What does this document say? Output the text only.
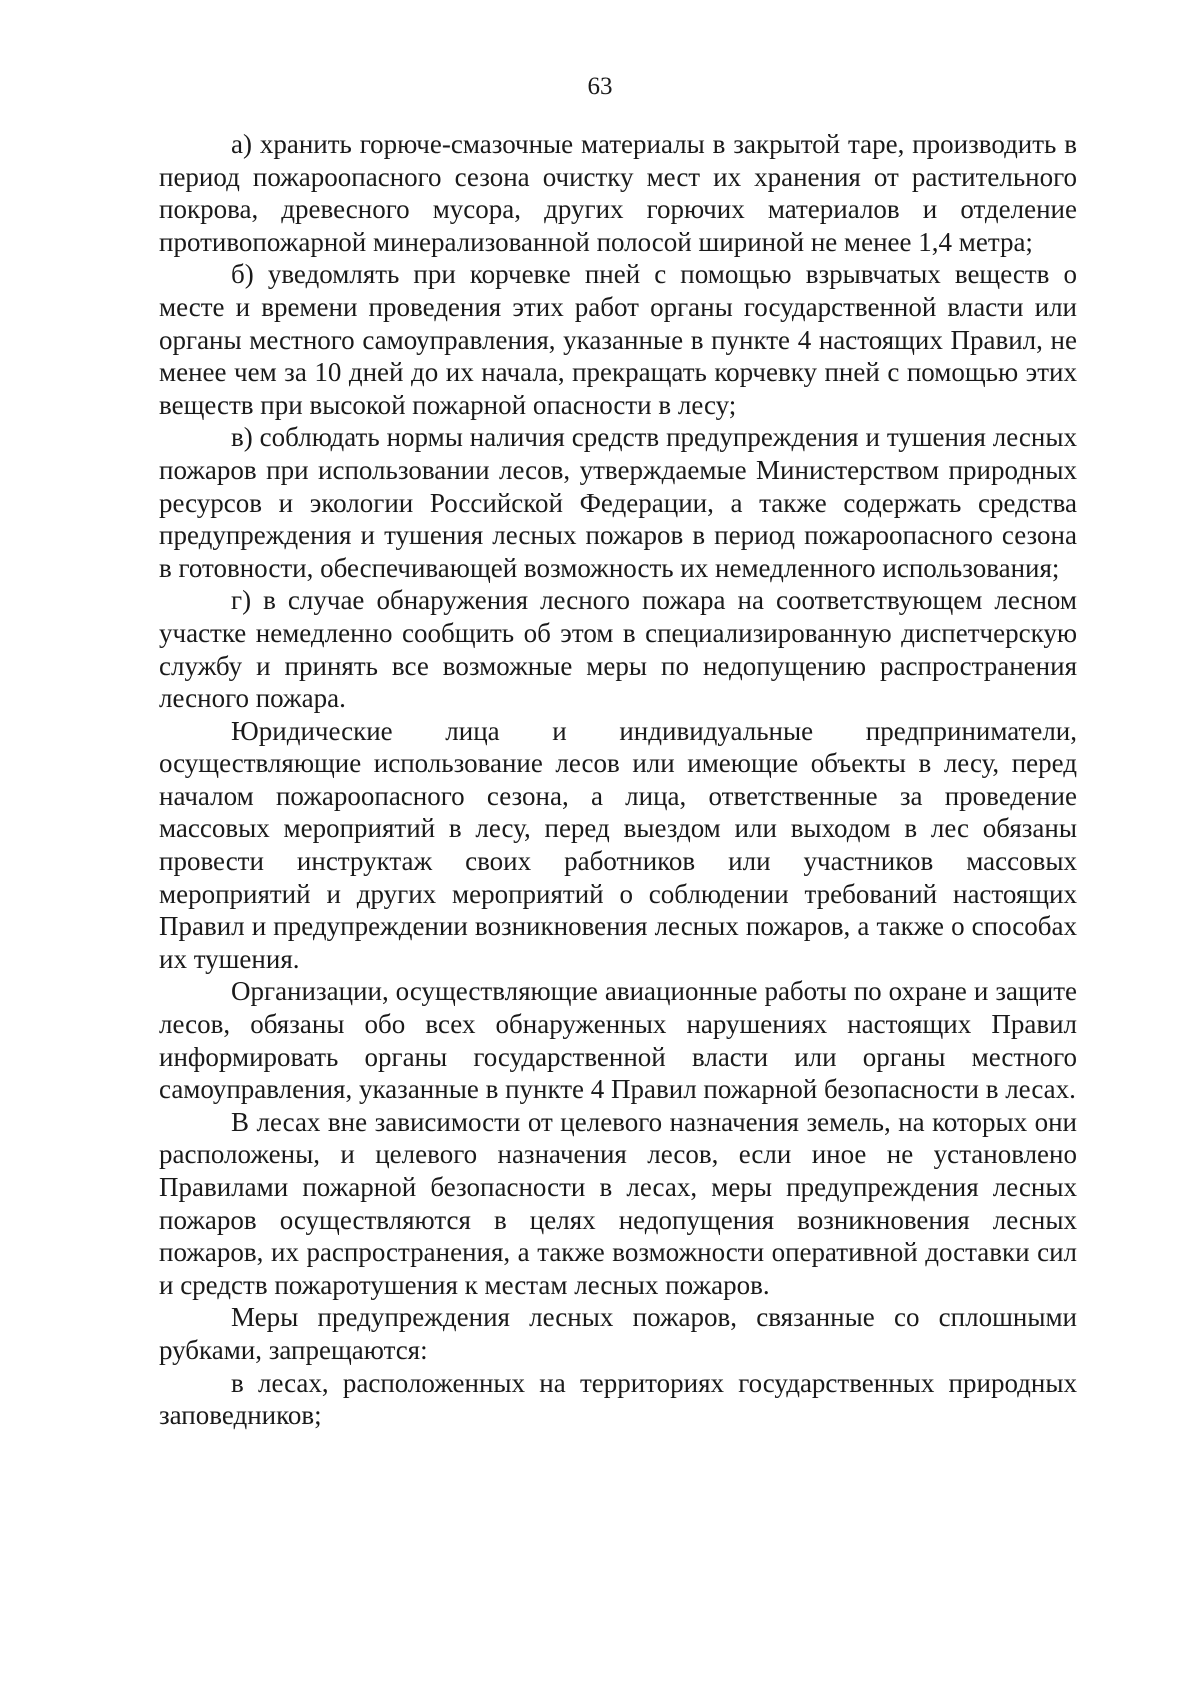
63

а) хранить горюче-смазочные материалы в закрытой таре, производить в период пожароопасного сезона очистку мест их хранения от растительного покрова, древесного мусора, других горючих материалов и отделение противопожарной минерализованной полосой шириной не менее 1,4 метра;

б) уведомлять при корчевке пней с помощью взрывчатых веществ о месте и времени проведения этих работ органы государственной власти или органы местного самоуправления, указанные в пункте 4 настоящих Правил, не менее чем за 10 дней до их начала, прекращать корчевку пней с помощью этих веществ при высокой пожарной опасности в лесу;

в) соблюдать нормы наличия средств предупреждения и тушения лесных пожаров при использовании лесов, утверждаемые Министерством природных ресурсов и экологии Российской Федерации, а также содержать средства предупреждения и тушения лесных пожаров в период пожароопасного сезона в готовности, обеспечивающей возможность их немедленного использования;

г) в случае обнаружения лесного пожара на соответствующем лесном участке немедленно сообщить об этом в специализированную диспетчерскую службу и принять все возможные меры по недопущению распространения лесного пожара.

Юридические лица и индивидуальные предприниматели, осуществляющие использование лесов или имеющие объекты в лесу, перед началом пожароопасного сезона, а лица, ответственные за проведение массовых мероприятий в лесу, перед выездом или выходом в лес обязаны провести инструктаж своих работников или участников массовых мероприятий и других мероприятий о соблюдении требований настоящих Правил и предупреждении возникновения лесных пожаров, а также о способах их тушения.

Организации, осуществляющие авиационные работы по охране и защите лесов, обязаны обо всех обнаруженных нарушениях настоящих Правил информировать органы государственной власти или органы местного самоуправления, указанные в пункте 4 Правил пожарной безопасности в лесах.

В лесах вне зависимости от целевого назначения земель, на которых они расположены, и целевого назначения лесов, если иное не установлено Правилами пожарной безопасности в лесах, меры предупреждения лесных пожаров осуществляются в целях недопущения возникновения лесных пожаров, их распространения, а также возможности оперативной доставки сил и средств пожаротушения к местам лесных пожаров.

Меры предупреждения лесных пожаров, связанные со сплошными рубками, запрещаются:

в лесах, расположенных на территориях государственных природных заповедников;
